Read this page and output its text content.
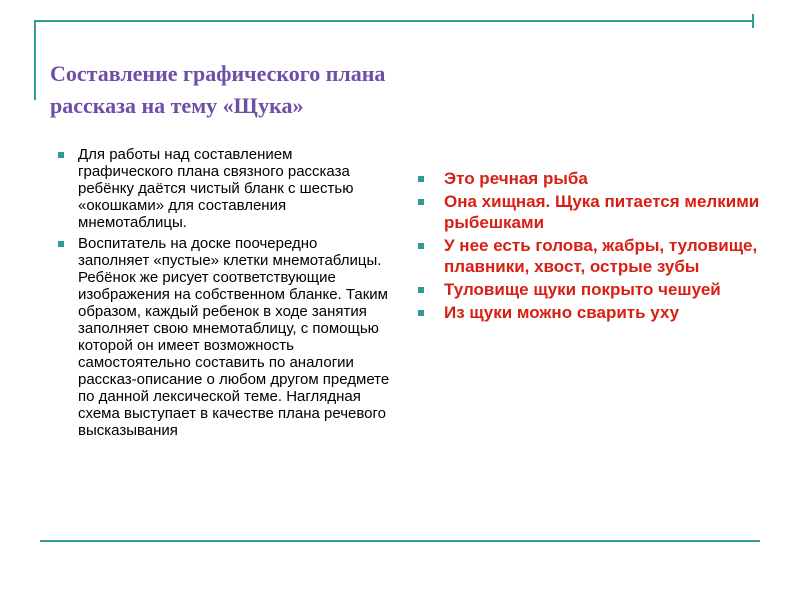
Составление графического плана
рассказа на тему «Щука»
Для работы над составлением графического плана связного рассказа ребёнку даётся чистый бланк с шестью «окошками» для составления мнемотаблицы.
Воспитатель на доске поочередно заполняет «пустые» клетки мнемотаблицы. Ребёнок же рисует соответствующие изображения на собственном бланке. Таким образом, каждый ребенок в ходе занятия заполняет свою мнемотаблицу, с помощью которой он имеет возможность самостоятельно составить по аналогии рассказ-описание о любом другом предмете по данной лексической теме. Наглядная схема выступает в качестве плана речевого высказывания
Это речная рыба
Она хищная. Щука питается мелкими рыбешками
У нее есть голова, жабры, туловище, плавники, хвост, острые зубы
Туловище щуки покрыто чешуей
Из щуки можно сварить уху
